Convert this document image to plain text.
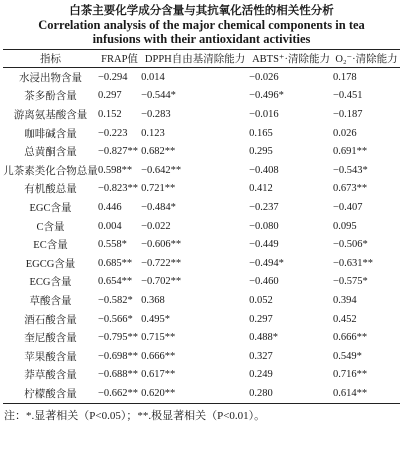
白茶主要化学成分含量与其抗氧化活性的相关性分析
Correlation analysis of the major chemical components in tea
infusions with their antioxidant activities
指标	FRAP值	DPPH自由基清除能力	ABTS⁺·清除能力	O₂⁻·清除能力
水浸出物含量	−0.294	0.014	−0.026	0.178
茶多酚含量	0.297	−0.544*	−0.496*	−0.451
游离氨基酸含量	0.152	−0.283	−0.016	−0.187
咖啡碱含量	−0.223	0.123	0.165	0.026
总黄酮含量	−0.827**	0.682**	0.295	0.691**
儿茶素类化合物总量	0.598**	−0.642**	−0.408	−0.543*
有机酸总量	−0.823**	0.721**	0.412	0.673**
EGC含量	0.446	−0.484*	−0.237	−0.407
C含量	0.004	−0.022	−0.080	0.095
EC含量	0.558*	−0.606**	−0.449	−0.506*
EGCG含量	0.685**	−0.722**	−0.494*	−0.631**
ECG含量	0.654**	−0.702**	−0.460	−0.575*
草酸含量	−0.582*	0.368	0.052	0.394
酒石酸含量	−0.566*	0.495*	0.297	0.452
奎尼酸含量	−0.795**	0.715**	0.488*	0.666**
苹果酸含量	−0.698**	0.666**	0.327	0.549*
莽草酸含量	−0.688**	0.617**	0.249	0.716**
柠檬酸含量	−0.662**	0.620**	0.280	0.614**
注：*.显著相关（P<0.05）；**.极显著相关（P<0.01）。
